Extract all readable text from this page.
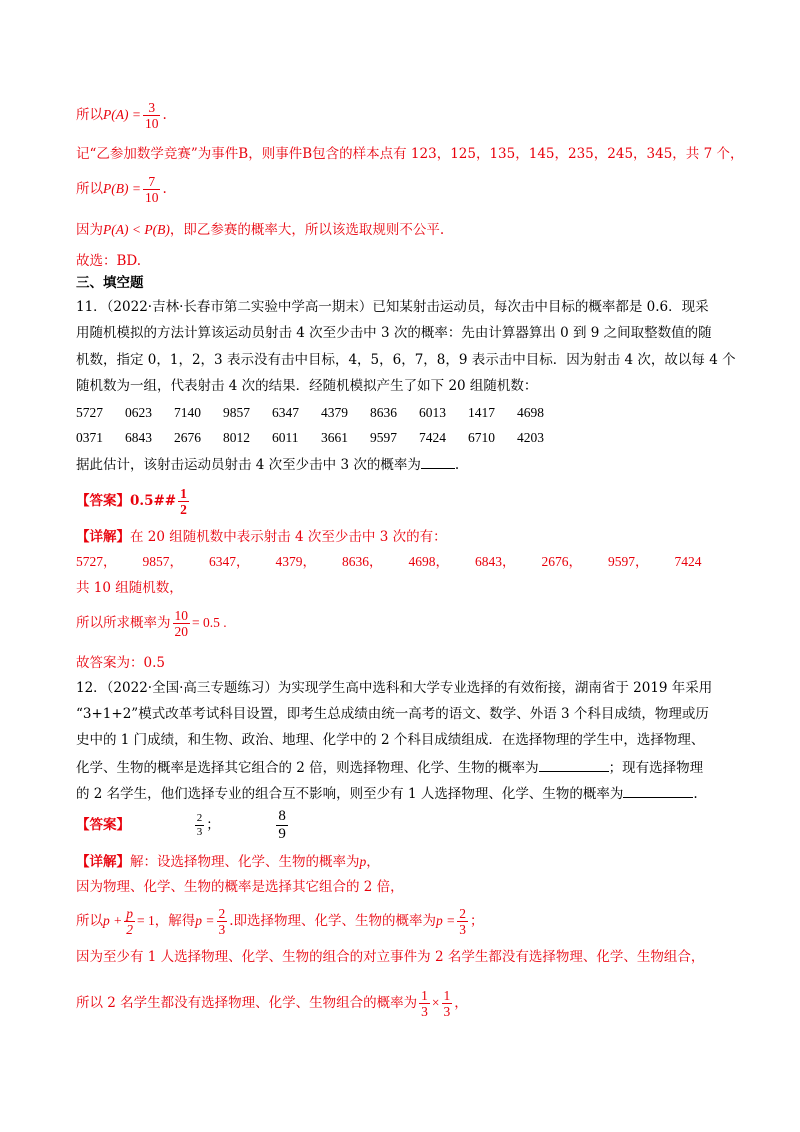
所以$P(A) = \frac{3}{10}$ .
记“乙参加数学竞赛”为事件B，则事件B包含的样本点有 123，125，135，145，235，245，345，共 7 个，
所以$P(B) = \frac{7}{10}$ .
因为P(A) < P(B)，即乙参赛的概率大，所以该选取规则不公平.
故选：BD.
三、填空题
11．（2022·吉林·长春市第二实验中学高一期末）已知某射击运动员，每次击中目标的概率都是 0.6．现采
用随机模拟的方法计算该运动员射击 4 次至少击中 3 次的概率：先由计算器算出 0 到 9 之间取整数值的随
机数，指定 0，1，2，3 表示没有击中目标，4，5，6，7，8，9 表示击中目标．因为射击 4 次，故以每 4 个
随机数为一组，代表射击 4 次的结果．经随机模拟产生了如下 20 组随机数：
5727 0623 7140 9857 6347 4379 8636 6013 1417 4698
0371 6843 2676 8012 6011 3661 9597 7424 6710 4203
据此估计，该射击运动员射击 4 次至少击中 3 次的概率为	.
【答案】0.5## $\frac{1}{2}$
【详解】在 20 组随机数中表示射击 4 次至少击中 3 次的有：
5727， 9857， 6347， 4379， 8636， 4698， 6843， 2676， 9597， 7424
共 10 组随机数，
所以所求概率为 $\frac{10}{20} = 0.5$ .
故答案为：0.5
12．（2022·全国·高三专题练习）为实现学生高中选科和大学专业选择的有效衔接，湖南省于 2019 年采用
“3+1+2”模式改革考试科目设置，即考生总成绩由统一高考的语文、数学、外语 3 个科目成绩，物理或历
史中的 1 门成绩，和生物、政治、地理、化学中的 2 个科目成绩组成．在选择物理的学生中，选择物理、
化学、生物的概率是选择其它组合的 2 倍，则选择物理、化学、生物的概率为	；现有选择物理
的 2 名学生，他们选择专业的组合互不影响，则至少有 1 人选择物理、化学、生物的概率为	.
【答案】	$\frac{2}{3}$ ；	$\frac{8}{9}$
【详解】解：设选择物理、化学、生物的概率为p，
因为物理、化学、生物的概率是选择其它组合的 2 倍，
所以$p + \frac{p}{2} = 1$，解得$p = \frac{2}{3}$ .即选择物理、化学、生物的概率为$p = \frac{2}{3}$ ；
因为至少有 1 人选择物理、化学、生物的组合的对立事件为 2 名学生都没有选择物理、化学、生物组合，
所以 2 名学生都没有选择物理、化学、生物组合的概率为 $\frac{1}{3} \times \frac{1}{3}$ ，
